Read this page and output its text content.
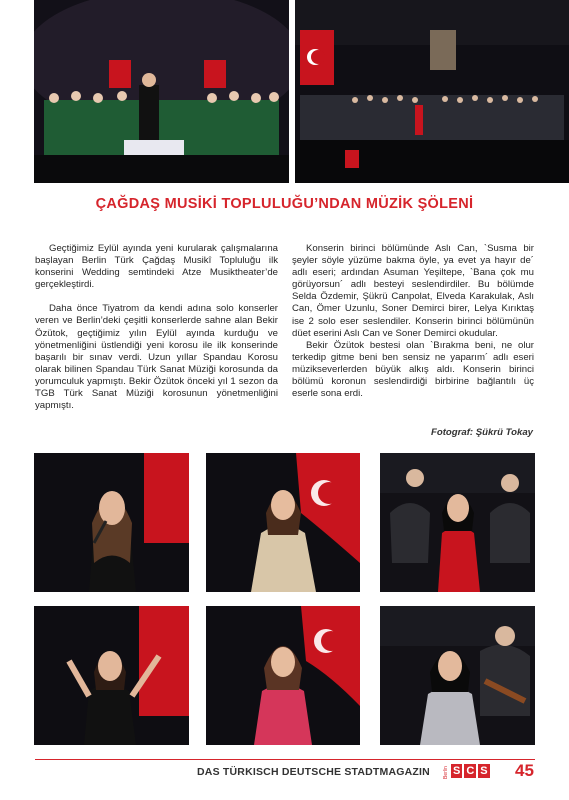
ÇAĞDAŞ MUSİKİ TOPLULUĞU’NDAN MÜZİK ŞÖLENİ

Geçtiğimiz Eylül ayında yeni kurularak çalışmalarına başlayan Berlin Türk Çağdaş Musikî Topluluğu ilk konserini Wedding semtindeki Atze Musiktheater’de gerçekleştirdi.

Daha önce Tiyatrom da kendi adına solo konserler veren ve Berlin’deki çeşitli konserlerde sahne alan Bekir Özütok, geçtiğimiz yılın Eylül ayında kurduğu ve yönetmenliğini üstlendiği yeni korosu ile ilk konserinde başarılı bir sınav verdi. Uzun yıllar Spandau Korosu olarak bilinen Spandau Türk Sanat Müziği korosunda da yorumculuk yapmıştı. Bekir Özütok önceki yıl 1 sezon da TGB Türk Sanat Müziği korosunun yönetmenliğini yapmıştı.

Konserin birinci bölümünde Aslı Can, `Susma bir şeyler söyle yüzüme bakma öyle, ya evet ya hayır de´ adlı eseri; ardından Asuman Yeşiltepe, `Bana çok mu görüyorsun´ adlı besteyi seslendirdiler. Bu bölümde Selda Özdemir, Şükrü Canpolat, Elveda Karakulak, Aslı Can, Ömer Uzunlu, Soner Demirci birer, Lelya Kırıktaş ise 2 solo eser seslendiler. Konserin birinci bölümünün düet eserini Aslı Can ve Soner Demirci okudular.

Bekir Özütok bestesi olan `Bırakma beni, ne olur terkedip gitme beni ben sensiz ne yaparım´ adlı eseri müzikseverlerden büyük alkış aldı. Konserin birinci bölümü koronun seslendirdiği birbirine bağlantılı üç eserle sona erdi.

Fotograf: Şükrü Tokay
DAS TÜRKISCH DEUTSCHE STADTMAGAZIN	Berlin S C S 45
